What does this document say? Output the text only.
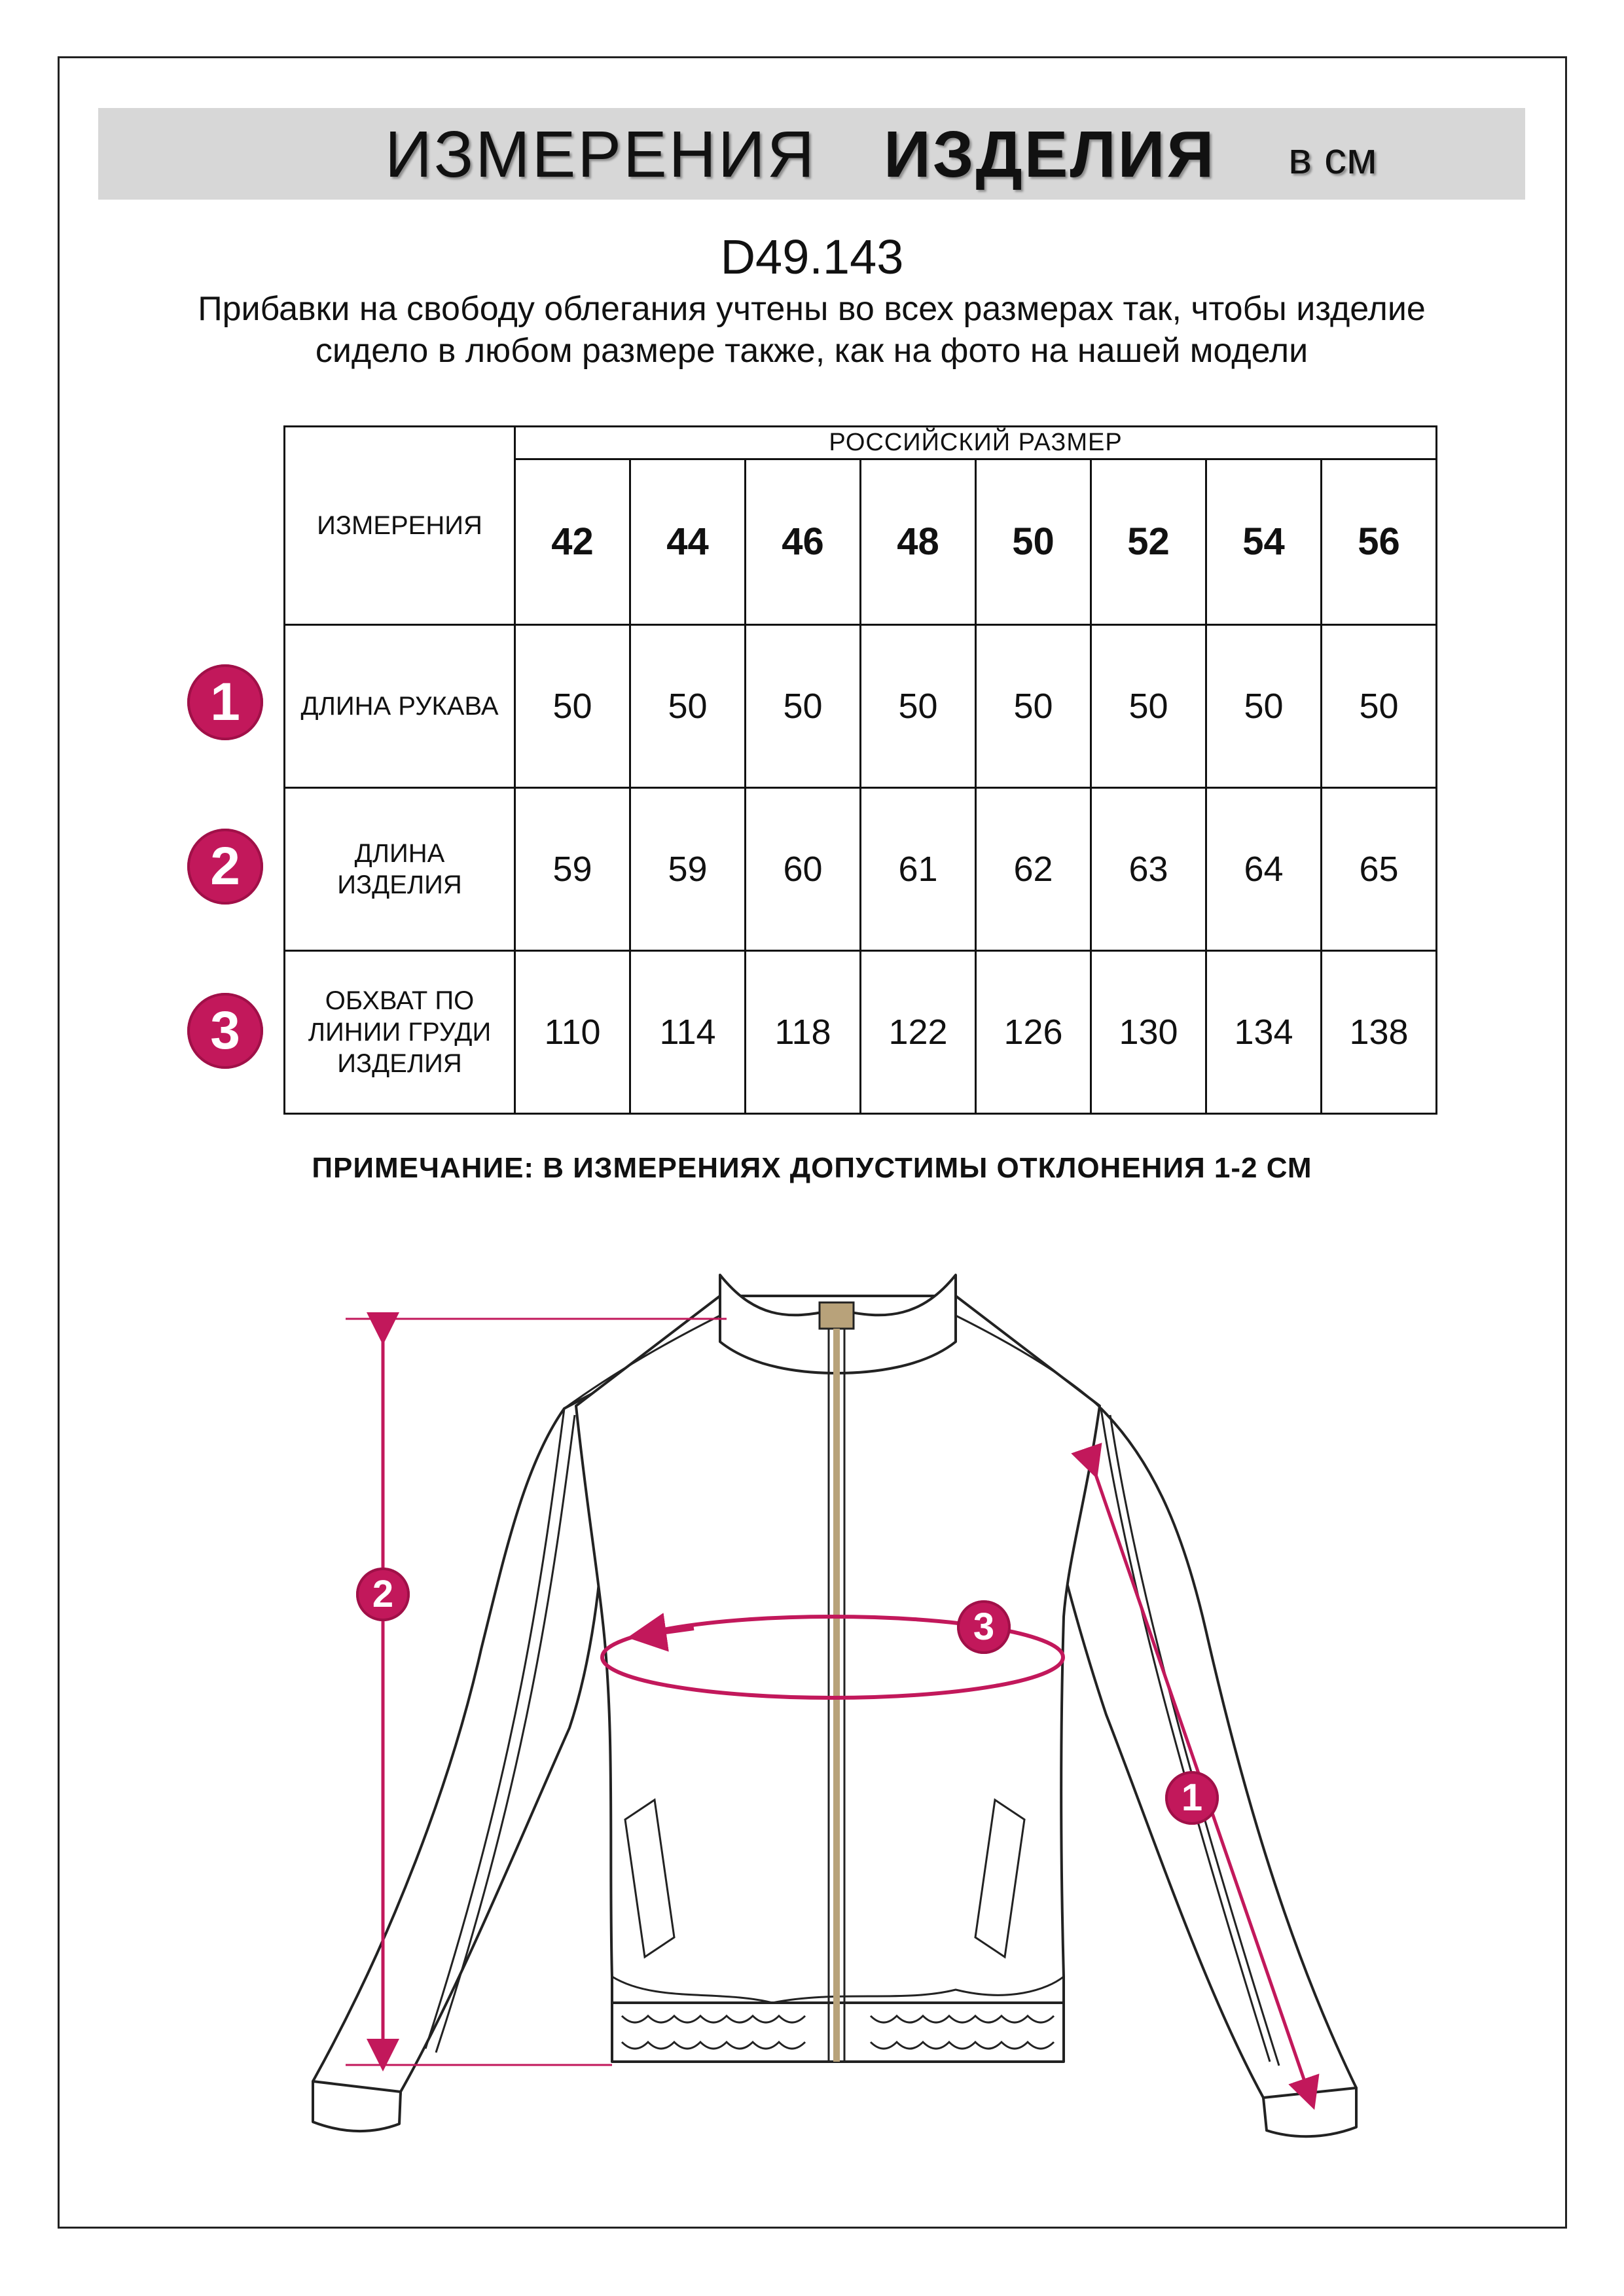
ИЗМЕРЕНИЯ ИЗДЕЛИЯ в см
D49.143
Прибавки на свободу облегания учтены во всех размерах так, чтобы изделие сидело в любом размере также, как на фото на нашей модели
ИЗМЕРЕНИЯ	РОССИЙСКИЙ РАЗМЕР							
	42	44	46	48	50	52	54	56
ДЛИНА РУКАВА	50	50	50	50	50	50	50	50
ДЛИНА ИЗДЕЛИЯ	59	59	60	61	62	63	64	65
ОБХВАТ ПО ЛИНИИ ГРУДИ ИЗДЕЛИЯ	110	114	118	122	126	130	134	138
1
2
3
ПРИМЕЧАНИЕ: В ИЗМЕРЕНИЯХ ДОПУСТИМЫ ОТКЛОНЕНИЯ 1-2 СМ
2
3
1
